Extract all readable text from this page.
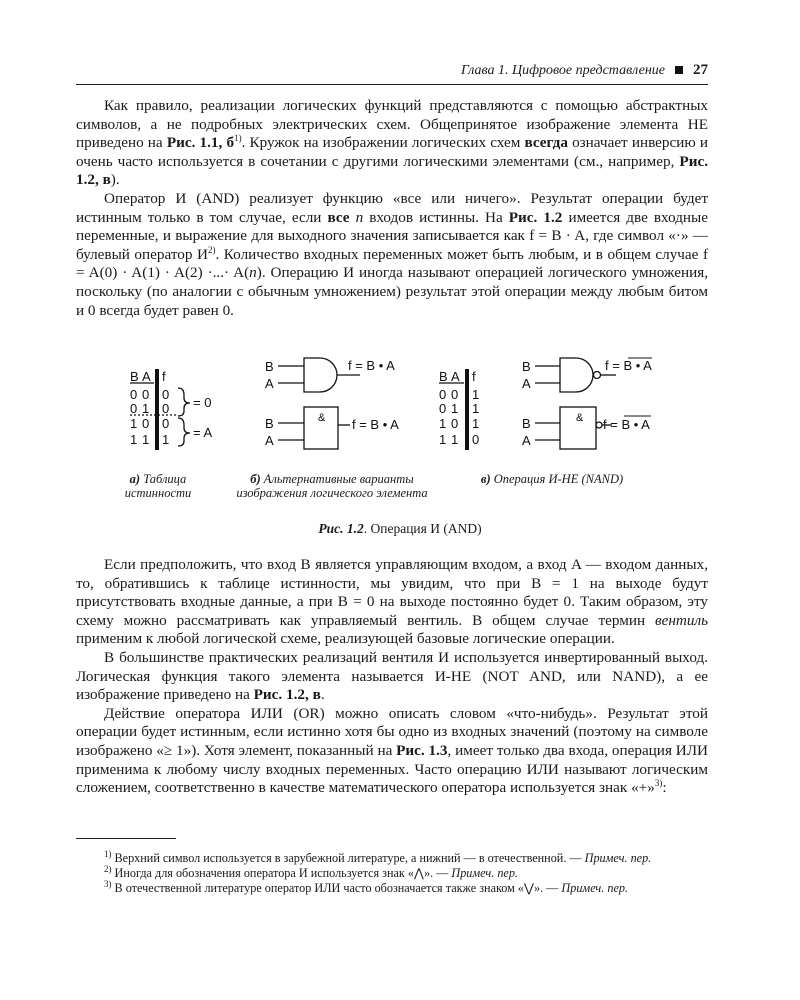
Глава 1. Цифровое представление 27

Как правило, реализации логических функций представляются с помощью абстрактных символов, а не подробных электрических схем. Общепринятое изображение элемента НЕ приведено на Рис. 1.1, $б^{1)}$. Кружок на изображении логических схем всегда означает инверсию и очень часто используется в сочетании с другими логическими элементами (см., например, Рис. 1.2, в).

Оператор И (AND) реализует функцию «все или ничего». Результат операции будет истинным только в том случае, если все n входов истинны. На Рис. 1.2 имеется две входные переменные, и выражение для выходного значения записывается как f = B · A, где символ «·» — булевый оператор $И^{2)}$. Количество входных переменных может быть любым, и в общем случае f = A(0) · A(1) · A(2) ·...· A(n). Операцию И иногда называют операцией логического умножения, поскольку (по аналогии с обычным умножением) результат этой операции между любым битом и 0 всегда будет равен 0.

B A f
0 0 0
0 1 0
1 0 0
1 1 1
= 0
= A
B
A
f = B • A
B
A
& f = B • A
B A f
0 0 1
0 1 1
1 0 1
1 1 0
B
A
f = B • A
B
A
& f = B • A
а) Таблица истинности
б) Альтернативные варианты изображения логического элемента
в) Операция И-НЕ (NAND)
Рис. 1.2. Операция И (AND)

Если предположить, что вход B является управляющим входом, а вход A — входом данных, то, обратившись к таблице истинности, мы увидим, что при B = 1 на выходе будут присутствовать входные данные, а при B = 0 на выходе постоянно будет 0. Таким образом, эту схему можно рассматривать как управляемый вентиль. В общем случае термин вентиль применим к любой логической схеме, реализующей базовые логические операции.

В большинстве практических реализаций вентиля И используется инвертированный выход. Логическая функция такого элемента называется И-НЕ (NOT AND, или NAND), а ее изображение приведено на Рис. 1.2, в.

Действие оператора ИЛИ (OR) можно описать словом «что-нибудь». Результат этой операции будет истинным, если истинно хотя бы одно из входных значений (поэтому на символе изображено «≥ 1»). Хотя элемент, показанный на Рис. 1.3, имеет только два входа, операция ИЛИ применима к любому числу входных переменных. Часто операцию ИЛИ называют логическим сложением, соответственно в качестве математического оператора используется знак «+»$^{3)}$:

$^{1)}$ Верхний символ используется в зарубежной литературе, а нижний — в отечественной. — Примеч. пер.

$^{2)}$ Иногда для обозначения оператора И используется знак «⋀». — Примеч. пер.

$^{3)}$ В отечественной литературе оператор ИЛИ часто обозначается также знаком «⋁». — Примеч. пер.
